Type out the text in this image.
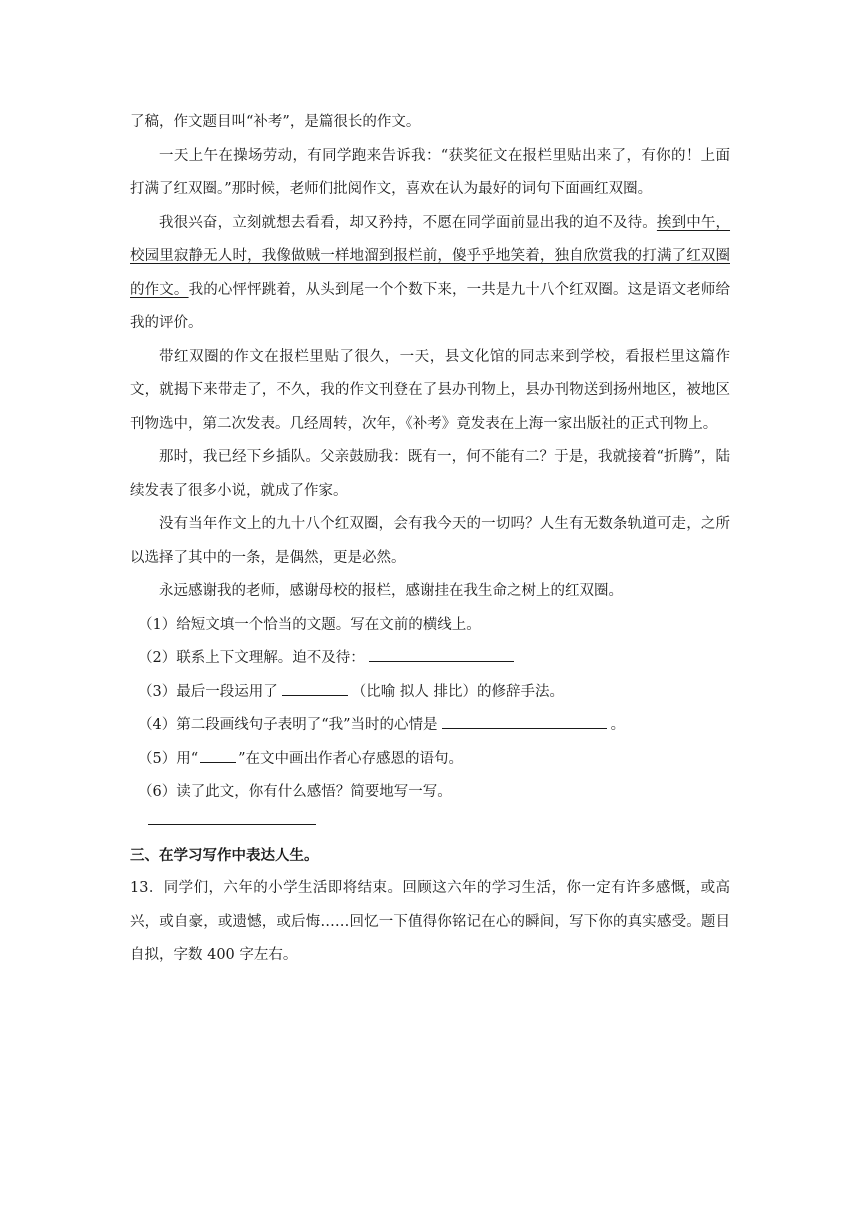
了稿，作文题目叫“补考”，是篇很长的作文。

一天上午在操场劳动，有同学跑来告诉我：“获奖征文在报栏里贴出来了，有你的！上面打满了红双圈。”那时候，老师们批阅作文，喜欢在认为最好的词句下面画红双圈。

我很兴奋，立刻就想去看看，却又矜持，不愿在同学面前显出我的迫不及待。挨到中午，校园里寂静无人时，我像做贼一样地溜到报栏前，傻乎乎地笑着，独自欣赏我的打满了红双圈的作文。我的心怦怦跳着，从头到尾一个个数下来，一共是九十八个红双圈。这是语文老师给我的评价。

带红双圈的作文在报栏里贴了很久，一天，县文化馆的同志来到学校，看报栏里这篇作文，就揭下来带走了，不久，我的作文刊登在了县办刊物上，县办刊物送到扬州地区，被地区刊物选中，第二次发表。几经周转，次年，《补考》竟发表在上海一家出版社的正式刊物上。

那时，我已经下乡插队。父亲鼓励我：既有一，何不能有二？于是，我就接着“折腾”，陆续发表了很多小说，就成了作家。

没有当年作文上的九十八个红双圈，会有我今天的一切吗？人生有无数条轨道可走，之所以选择了其中的一条，是偶然，更是必然。

永远感谢我的老师，感谢母校的报栏，感谢挂在我生命之树上的红双圈。

（1）给短文填一个恰当的文题。写在文前的横线上。

（2）联系上下文理解。迫不及待：

（3）最后一段运用了	（比喻 拟人 排比）的修辞手法。

（4）第二段画线句子表明了“我”当时的心情是	。

（5）用“	”在文中画出作者心存感恩的语句。

（6）读了此文，你有什么感悟？简要地写一写。

三、在学习写作中表达人生。

13．同学们，六年的小学生活即将结束。回顾这六年的学习生活，你一定有许多感慨，或高兴，或自豪，或遗憾，或后悔……回忆一下值得你铭记在心的瞬间，写下你的真实感受。题目自拟，字数 400 字左右。
